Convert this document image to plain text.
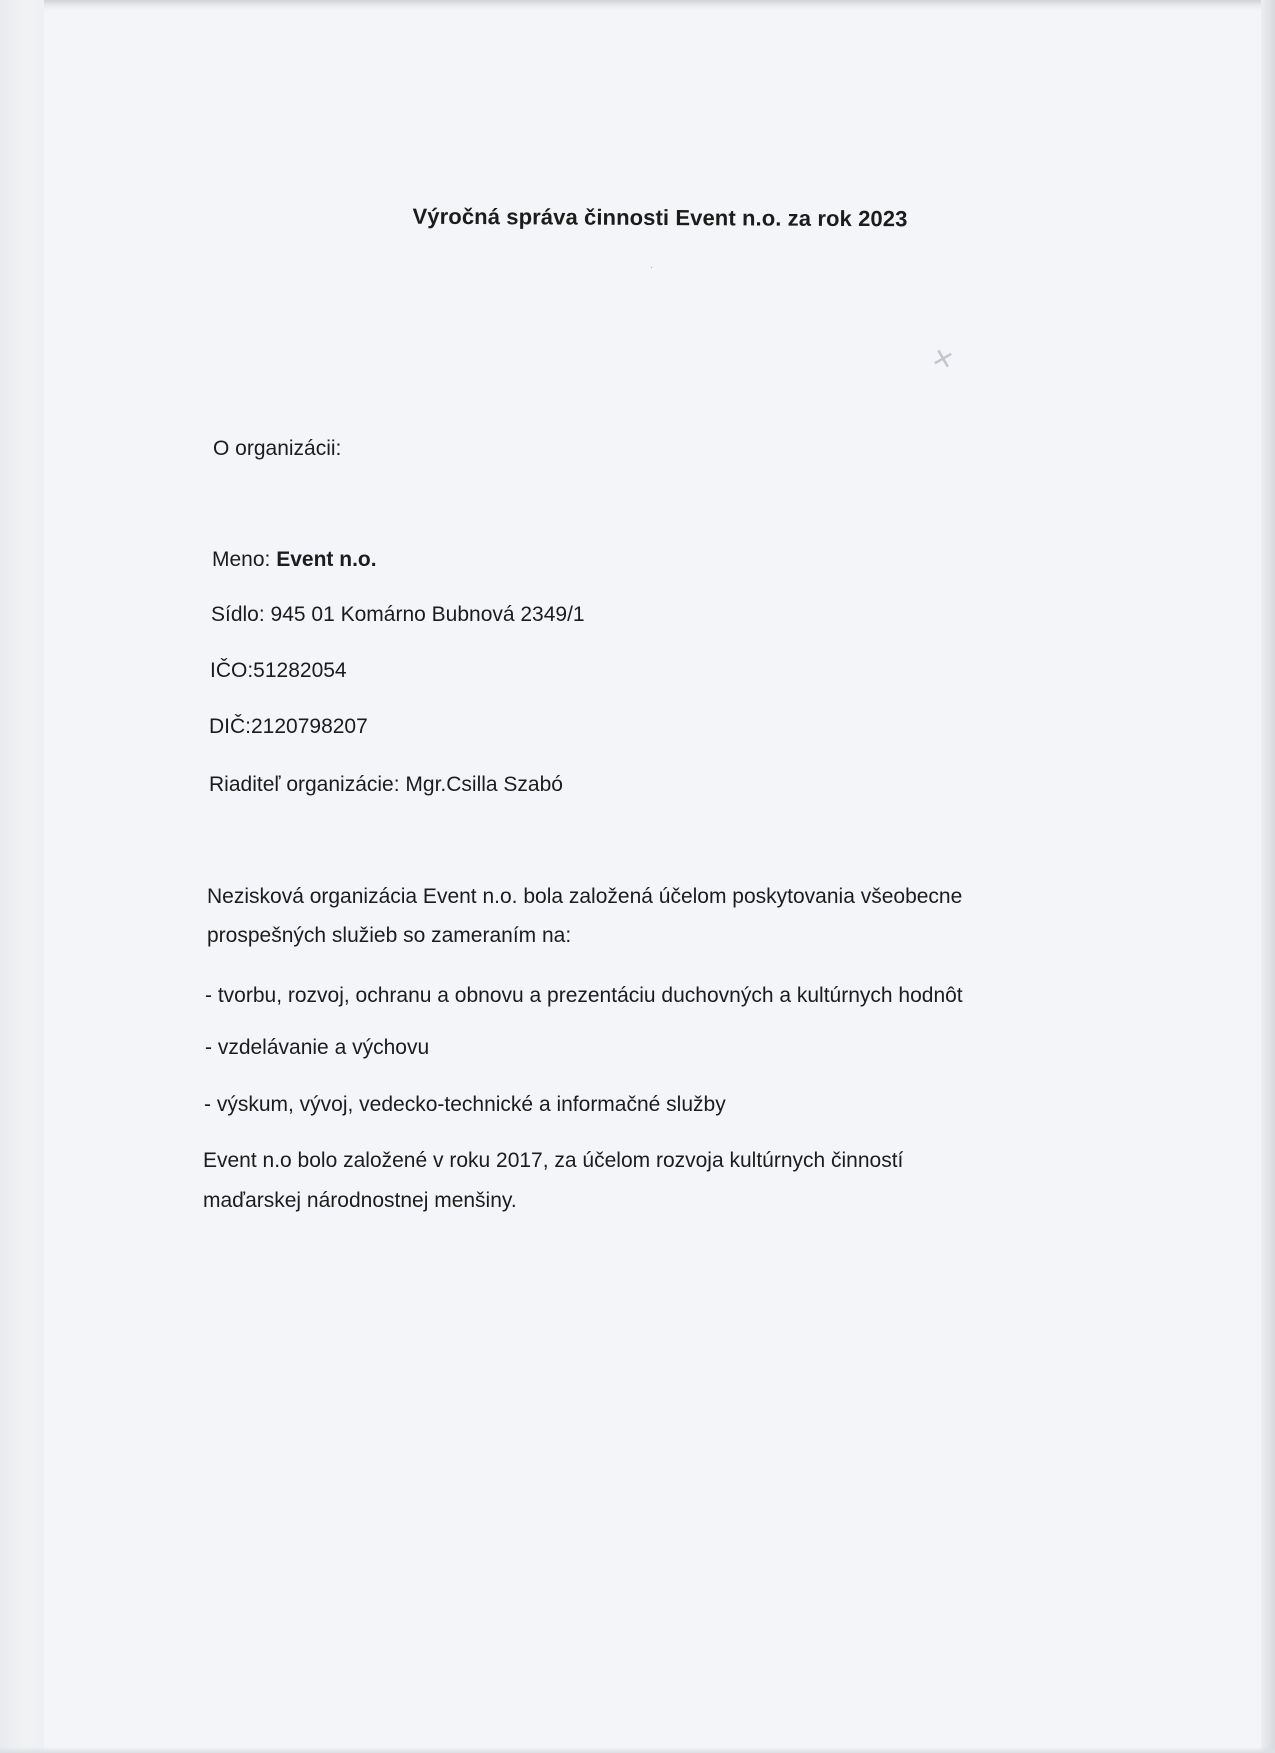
·
✕
Výročná správa činnosti Event n.o. za rok 2023
O organizácii:
Meno: Event n.o.
Sídlo: 945 01 Komárno Bubnová 2349/1
IČO:51282054
DIČ:2120798207
Riaditeľ organizácie: Mgr.Csilla Szabó
Nezisková organizácia Event n.o. bola založená účelom poskytovania všeobecne
prospešných služieb so zameraním na:
- tvorbu, rozvoj, ochranu a obnovu a prezentáciu duchovných a kultúrnych hodnôt
- vzdelávanie a výchovu
- výskum, vývoj, vedecko-technické a informačné služby
Event n.o bolo založené v roku 2017, za účelom rozvoja kultúrnych činností
maďarskej národnostnej menšiny.
